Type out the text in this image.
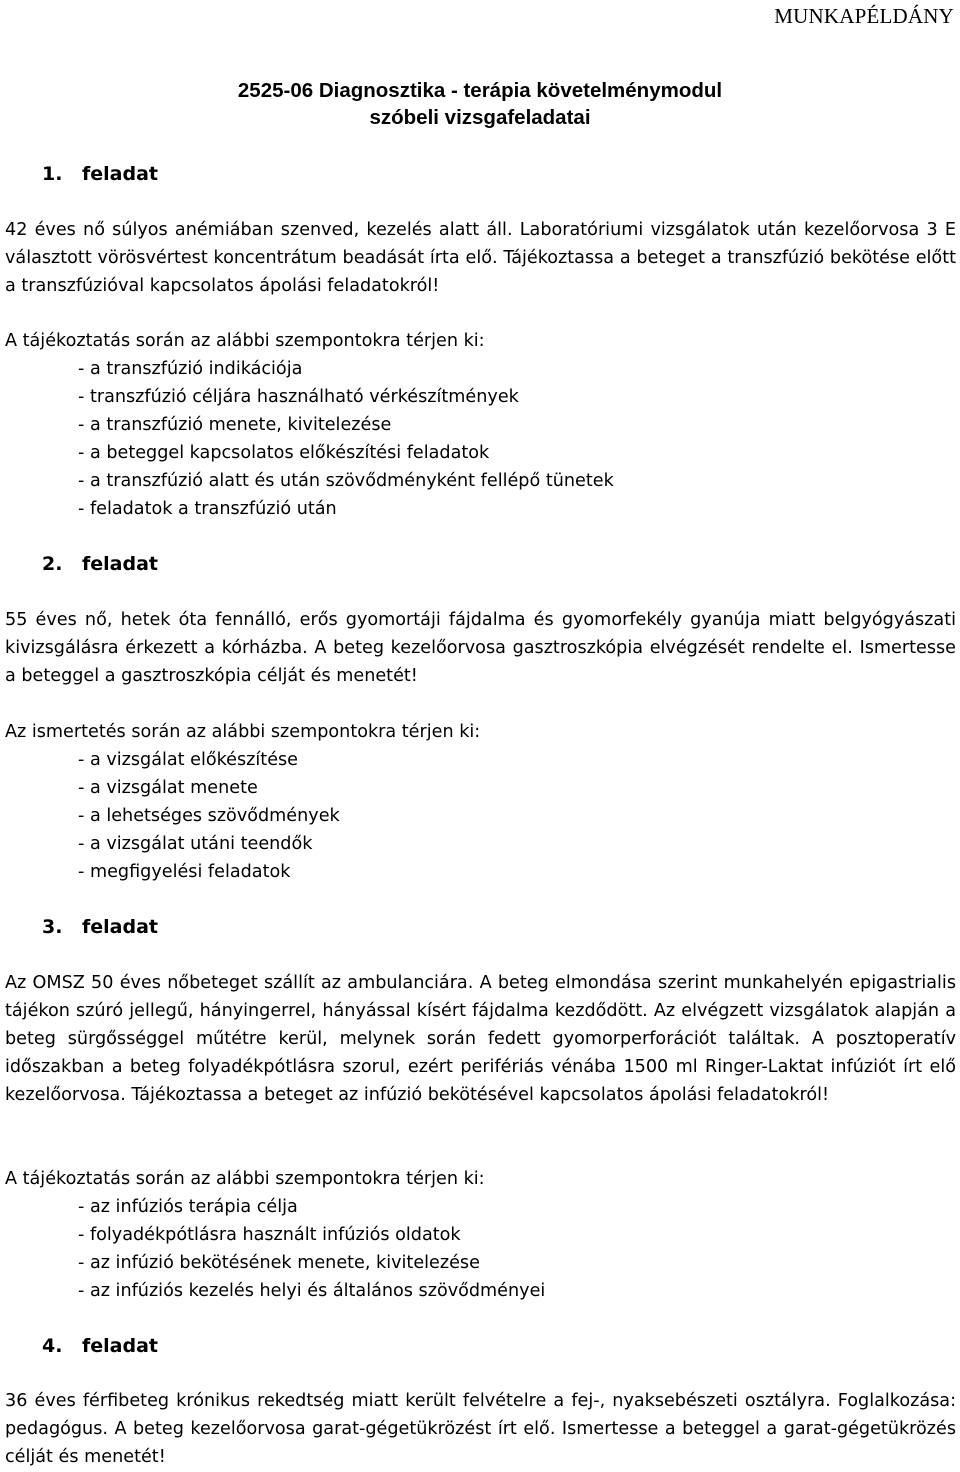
MUNKAPÉLDÁNY
2525-06 Diagnosztika - terápia követelménymodul
szóbeli vizsgafeladatai
1. feladat
42 éves nő súlyos anémiában szenved, kezelés alatt áll. Laboratóriumi vizsgálatok után kezelőorvosa 3 E választott vörösvértest koncentrátum beadását írta elő. Tájékoztassa a beteget a transzfúzió bekötése előtt a transzfúzióval kapcsolatos ápolási feladatokról!
A tájékoztatás során az alábbi szempontokra térjen ki:
- a transzfúzió indikációja
- transzfúzió céljára használható vérkészítmények
- a transzfúzió menete, kivitelezése
- a beteggel kapcsolatos előkészítési feladatok
- a transzfúzió alatt és után szövődményként fellépő tünetek
- feladatok a transzfúzió után
2. feladat
55 éves nő, hetek óta fennálló, erős gyomortáji fájdalma és gyomorfekély gyanúja miatt belgyógyászati kivizsgálásra érkezett a kórházba. A beteg kezelőorvosa gasztroszkópia elvégzését rendelte el. Ismertesse a beteggel a gasztroszkópia célját és menetét!
Az ismertetés során az alábbi szempontokra térjen ki:
- a vizsgálat előkészítése
- a vizsgálat menete
- a lehetséges szövődmények
- a vizsgálat utáni teendők
- megfigyelési feladatok
3. feladat
Az OMSZ 50 éves nőbeteget szállít az ambulanciára. A beteg elmondása szerint munkahelyén epigastrialis tájékon szúró jellegű, hányingerrel, hányással kísért fájdalma kezdődött. Az elvégzett vizsgálatok alapján a beteg sürgősséggel műtétre kerül, melynek során fedett gyomorperforációt találtak. A posztoperatív időszakban a beteg folyadékpótlásra szorul, ezért perifériás vénába 1500 ml Ringer-Laktat infúziót írt elő kezelőorvosa. Tájékoztassa a beteget az infúzió bekötésével kapcsolatos ápolási feladatokról!
A tájékoztatás során az alábbi szempontokra térjen ki:
- az infúziós terápia célja
- folyadékpótlásra használt infúziós oldatok
- az infúzió bekötésének menete, kivitelezése
- az infúziós kezelés helyi és általános szövődményei
4. feladat
36 éves férfibeteg krónikus rekedtség miatt került felvételre a fej-, nyaksebészeti osztályra. Foglalkozása: pedagógus. A beteg kezelőorvosa garat-gégetükrözést írt elő. Ismertesse a beteggel a garat-gégetükrözés célját és menetét!
